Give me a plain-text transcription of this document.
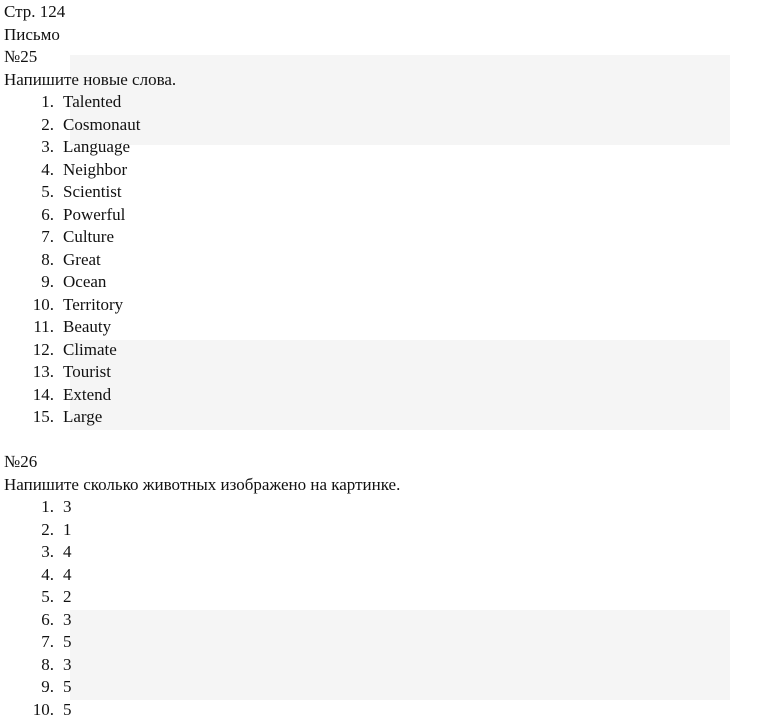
Стр. 124
Письмо
№25
Напишите новые слова.
1. Talented
2. Cosmonaut
3. Language
4. Neighbor
5. Scientist
6. Powerful
7. Culture
8. Great
9. Ocean
10. Territory
11. Beauty
12. Climate
13. Tourist
14. Extend
15. Large
№26
Напишите сколько животных изображено на картинке.
1. 3
2. 1
3. 4
4. 4
5. 2
6. 3
7. 5
8. 3
9. 5
10. 5
